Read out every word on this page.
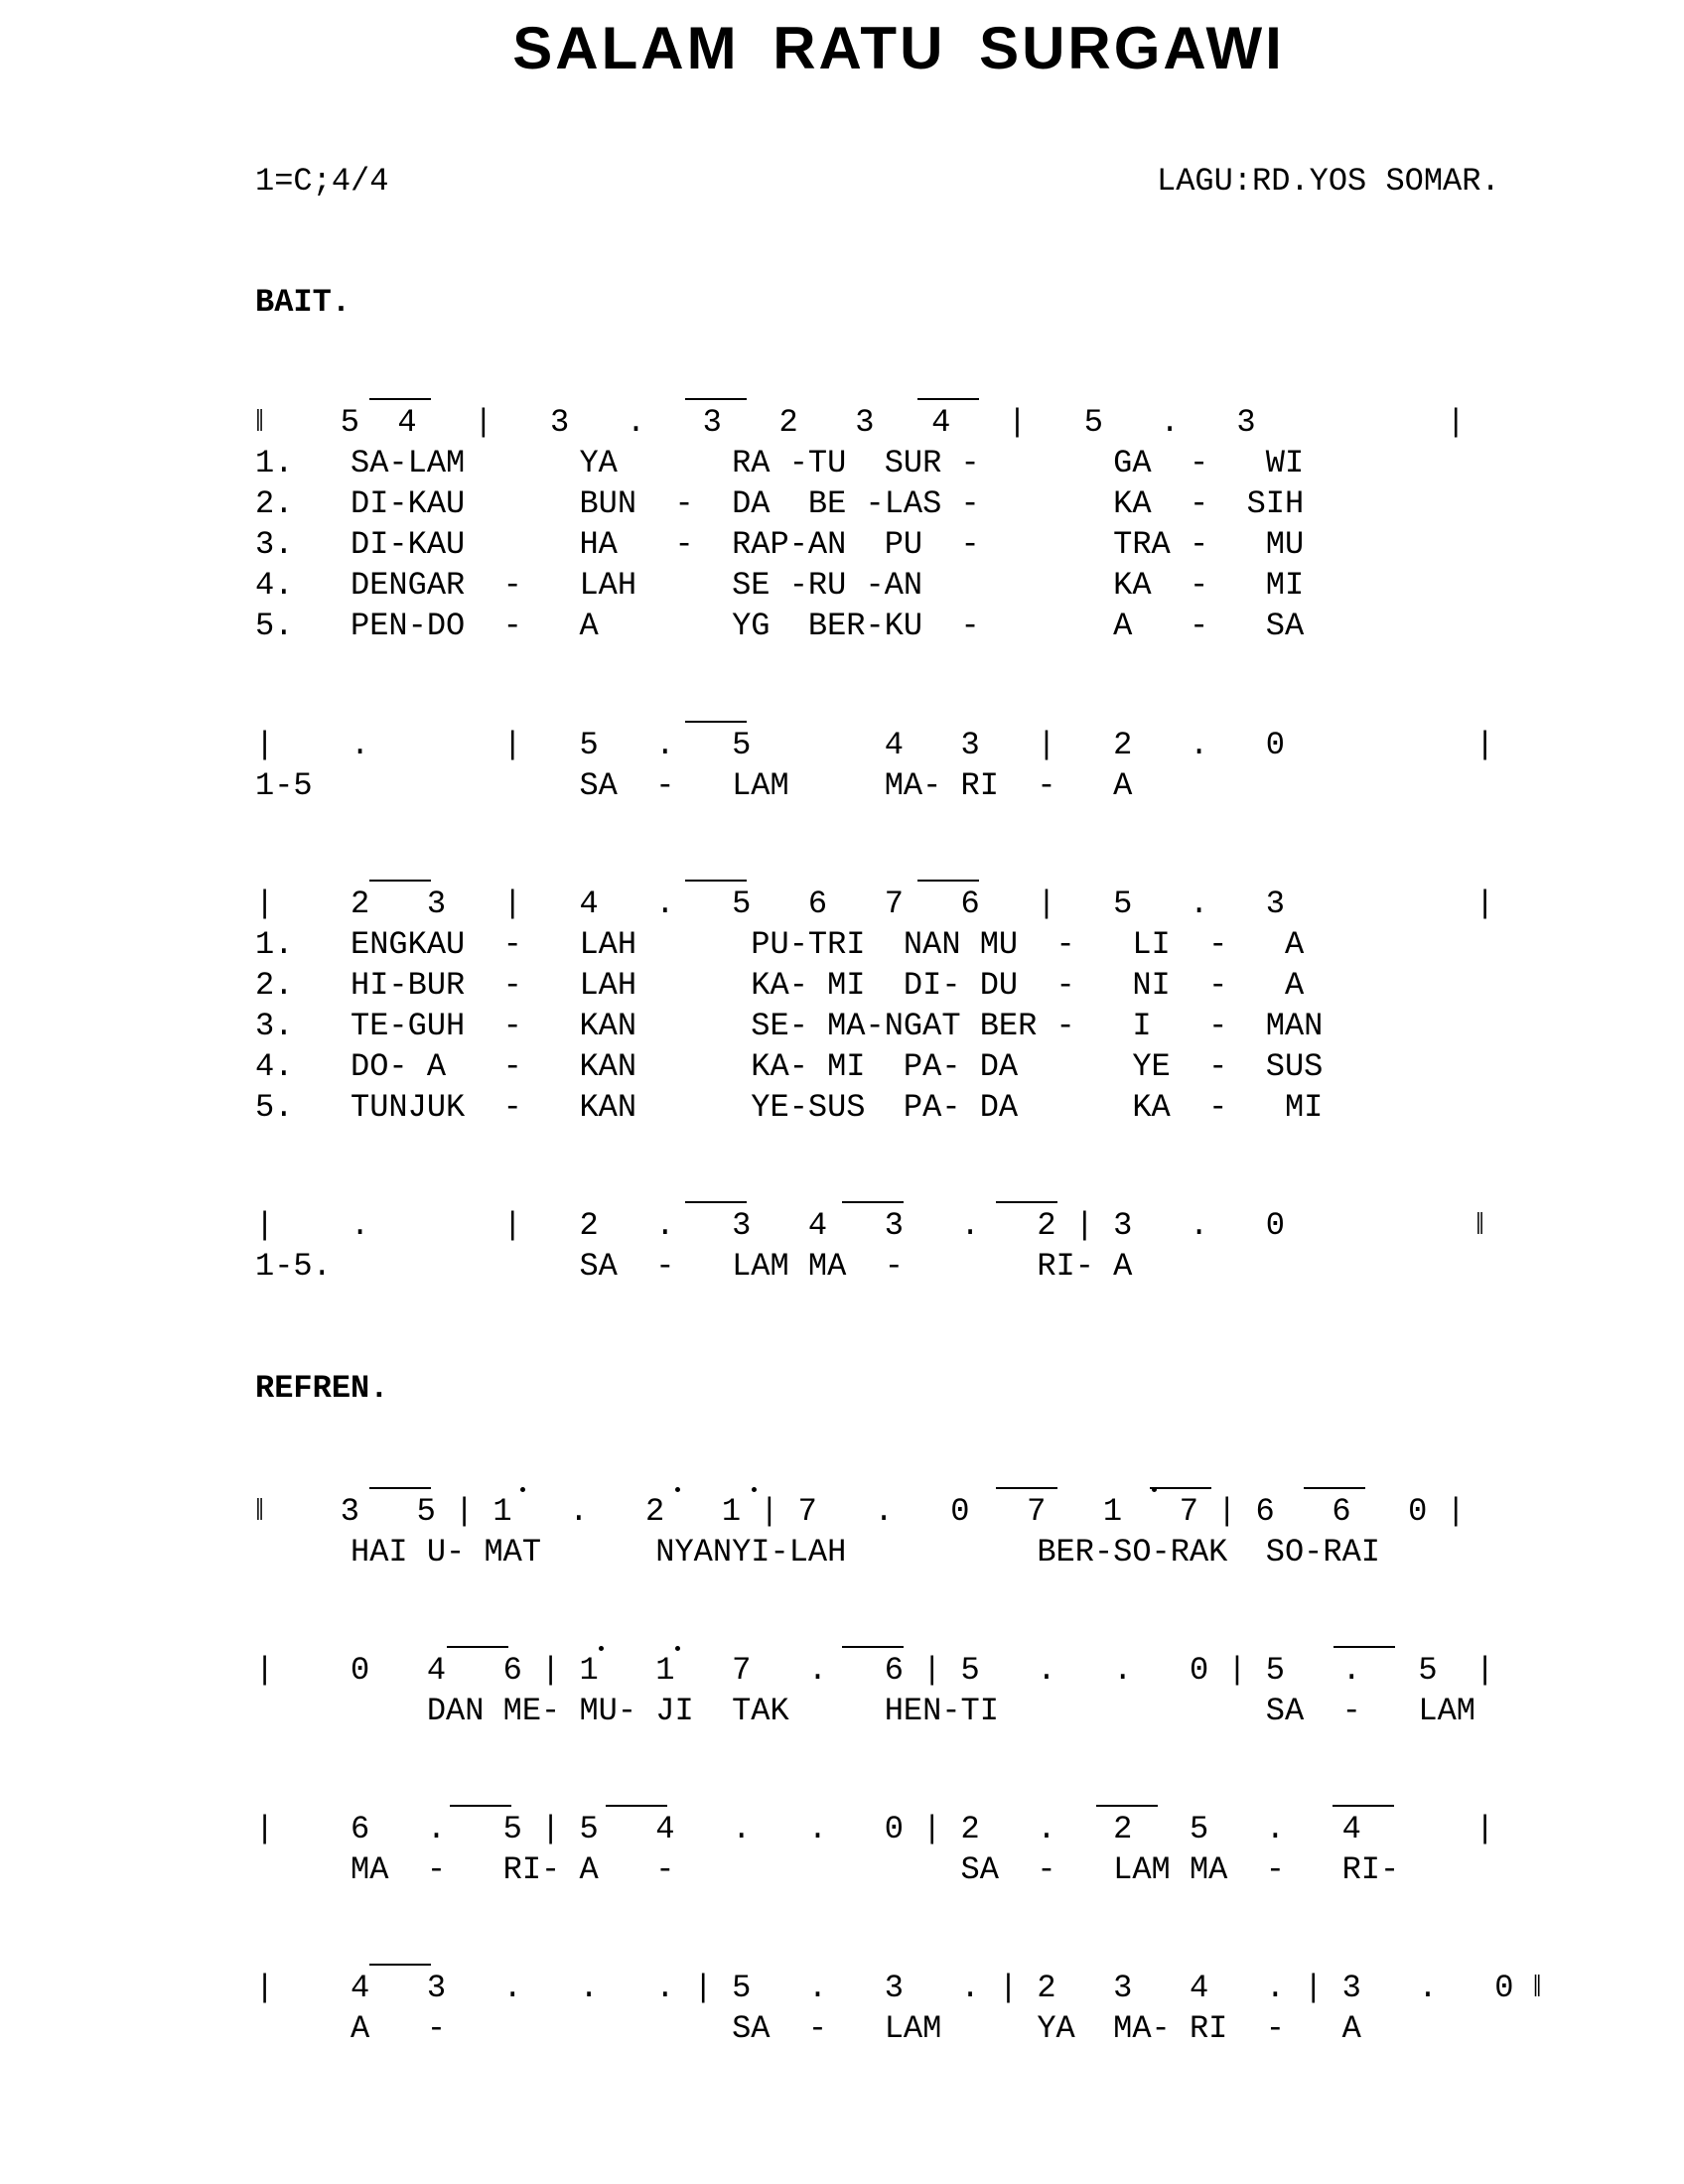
SALAM RATU SURGAWI
1=C;4/4	LAGU:RD.YOS SOMAR.
BAIT.
‖    5  4   |   3   .   3   2   3   4   |   5   .   3          |
1.   SA-LAM      YA      RA -TU  SUR -       GA  -   WI
2.   DI-KAU      BUN  -  DA  BE -LAS -       KA  -  SIH
3.   DI-KAU      HA   -  RAP-AN  PU  -       TRA -   MU
4.   DENGAR  -   LAH     SE -RU -AN          KA  -   MI
5.   PEN-DO  -   A       YG  BER-KU  -       A   -   SA
|    .       |   5   .   5       4   3   |   2   .   0          |
1-5              SA  -   LAM     MA- RI  -   A
|    2   3   |   4   .   5   6   7   6   |   5   .   3          |
1.   ENGKAU  -   LAH      PU-TRI  NAN MU  -   LI  -   A
2.   HI-BUR  -   LAH      KA- MI  DI- DU  -   NI  -   A
3.   TE-GUH  -   KAN      SE- MA-NGAT BER -   I   -  MAN
4.   DO- A   -   KAN      KA- MI  PA- DA      YE  -  SUS
5.   TUNJUK  -   KAN      YE-SUS  PA- DA      KA  -   MI
|    .       |   2   .   3   4   3   .   2 | 3   .   0          ‖
1-5.             SA  -   LAM MA  -       RI- A
REFREN.
‖    3   5 | 1   .   2   1 | 7   .   0   7   1   7 | 6   6   0 |
HAI U- MAT      NYANYI-LAH          BER-SO-RAK  SO-RAI
|    0   4   6 | 1   1   7   .   6 | 5   .   .   0 | 5   .   5  |
DAN ME- MU- JI  TAK     HEN-TI              SA  -   LAM
|    6   .   5 | 5   4   .   .   0 | 2   .   2   5   .   4      |
MA  -   RI- A   -               SA  -   LAM MA  -   RI-
|    4   3   .   .   . | 5   .   3   . | 2   3   4   . | 3   .   0 ‖
A   -               SA  -   LAM     YA  MA- RI  -   A
